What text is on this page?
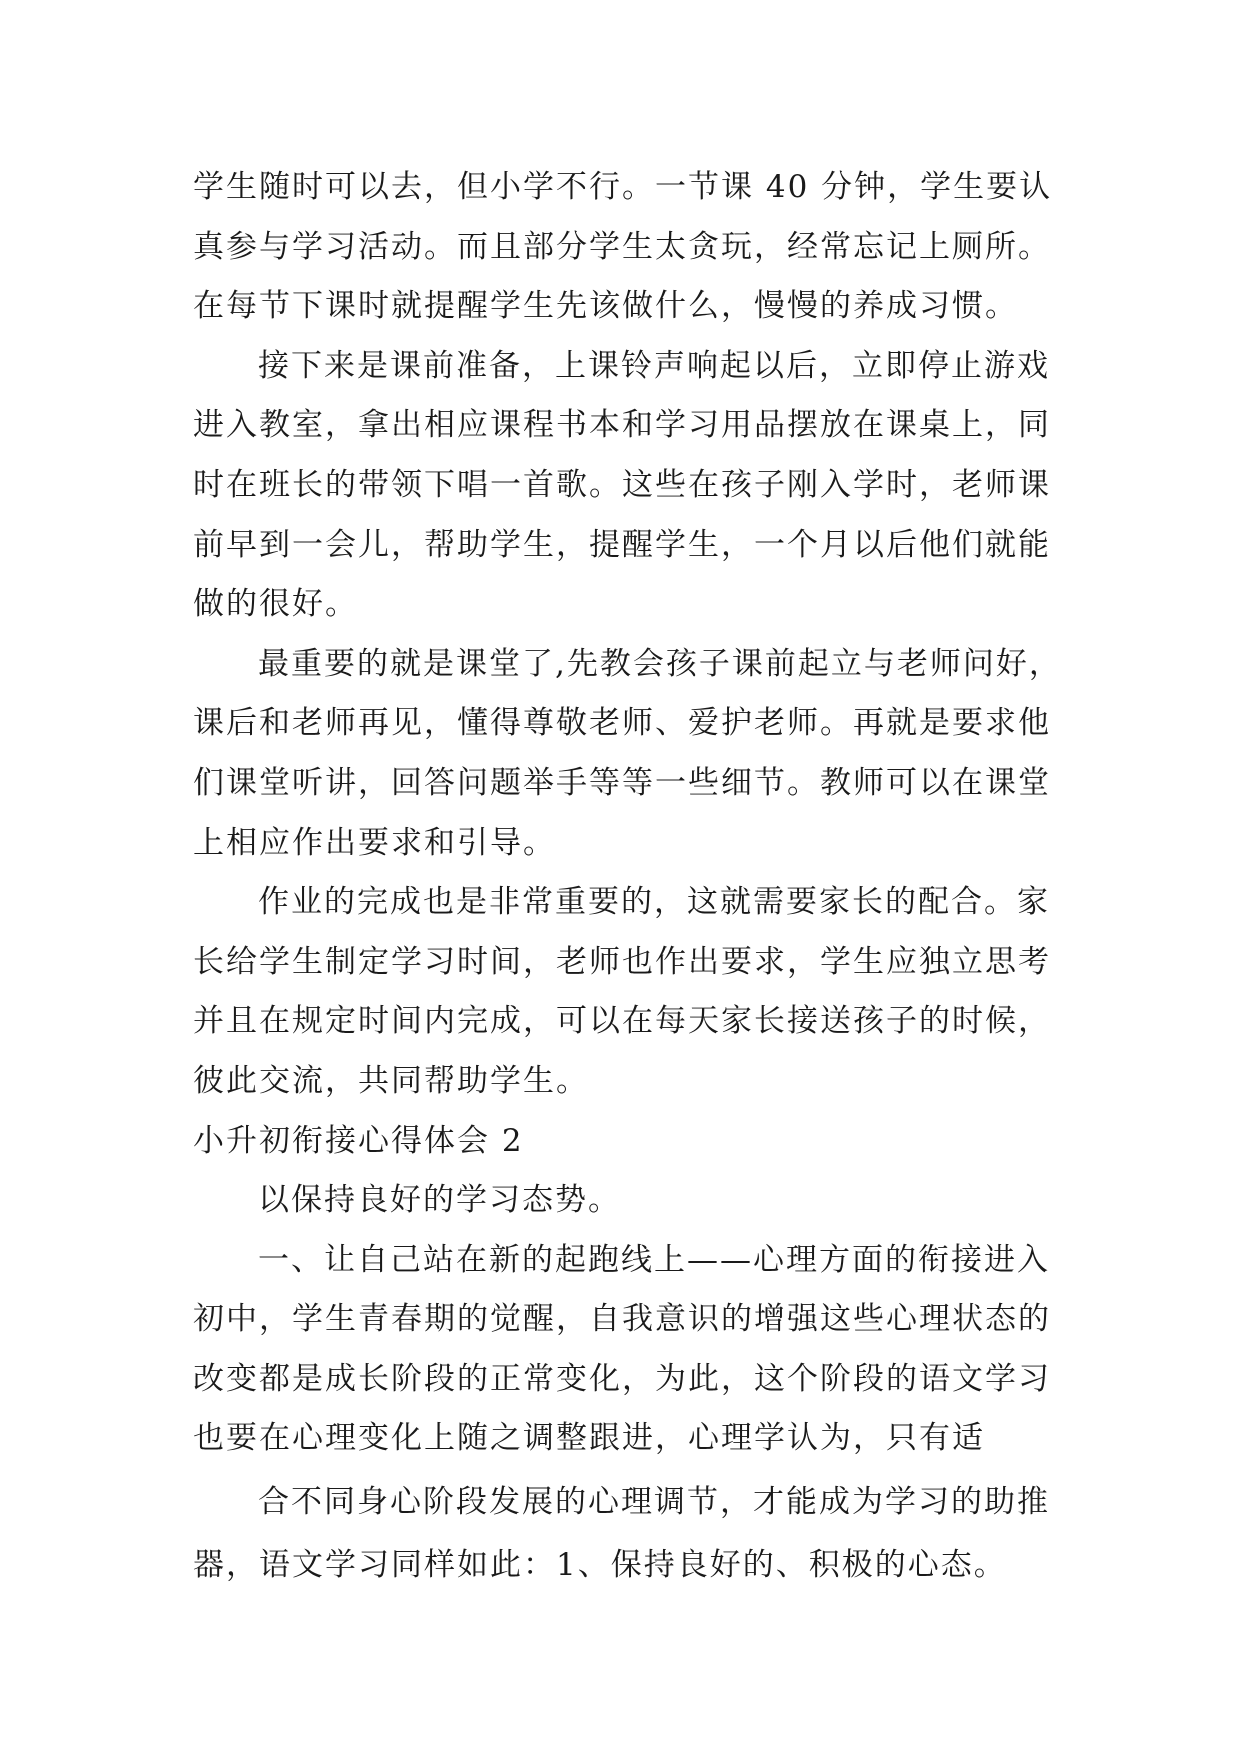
学生随时可以去，但小学不行。一节课 40 分钟，学生要认
真参与学习活动。而且部分学生太贪玩，经常忘记上厕所。
在每节下课时就提醒学生先该做什么，慢慢的养成习惯。
接下来是课前准备，上课铃声响起以后，立即停止游戏
进入教室，拿出相应课程书本和学习用品摆放在课桌上，同
时在班长的带领下唱一首歌。这些在孩子刚入学时，老师课
前早到一会儿，帮助学生，提醒学生，一个月以后他们就能
做的很好。
最重要的就是课堂了,先教会孩子课前起立与老师问好，
课后和老师再见，懂得尊敬老师、爱护老师。再就是要求他
们课堂听讲，回答问题举手等等一些细节。教师可以在课堂
上相应作出要求和引导。
作业的完成也是非常重要的，这就需要家长的配合。家
长给学生制定学习时间，老师也作出要求，学生应独立思考
并且在规定时间内完成，可以在每天家长接送孩子的时候，
彼此交流，共同帮助学生。
小升初衔接心得体会 2
以保持良好的学习态势。
一、让自己站在新的起跑线上——心理方面的衔接进入
初中，学生青春期的觉醒，自我意识的增强这些心理状态的
改变都是成长阶段的正常变化，为此，这个阶段的语文学习
也要在心理变化上随之调整跟进，心理学认为，只有适
合不同身心阶段发展的心理调节，才能成为学习的助推
器，语文学习同样如此：1、保持良好的、积极的心态。
